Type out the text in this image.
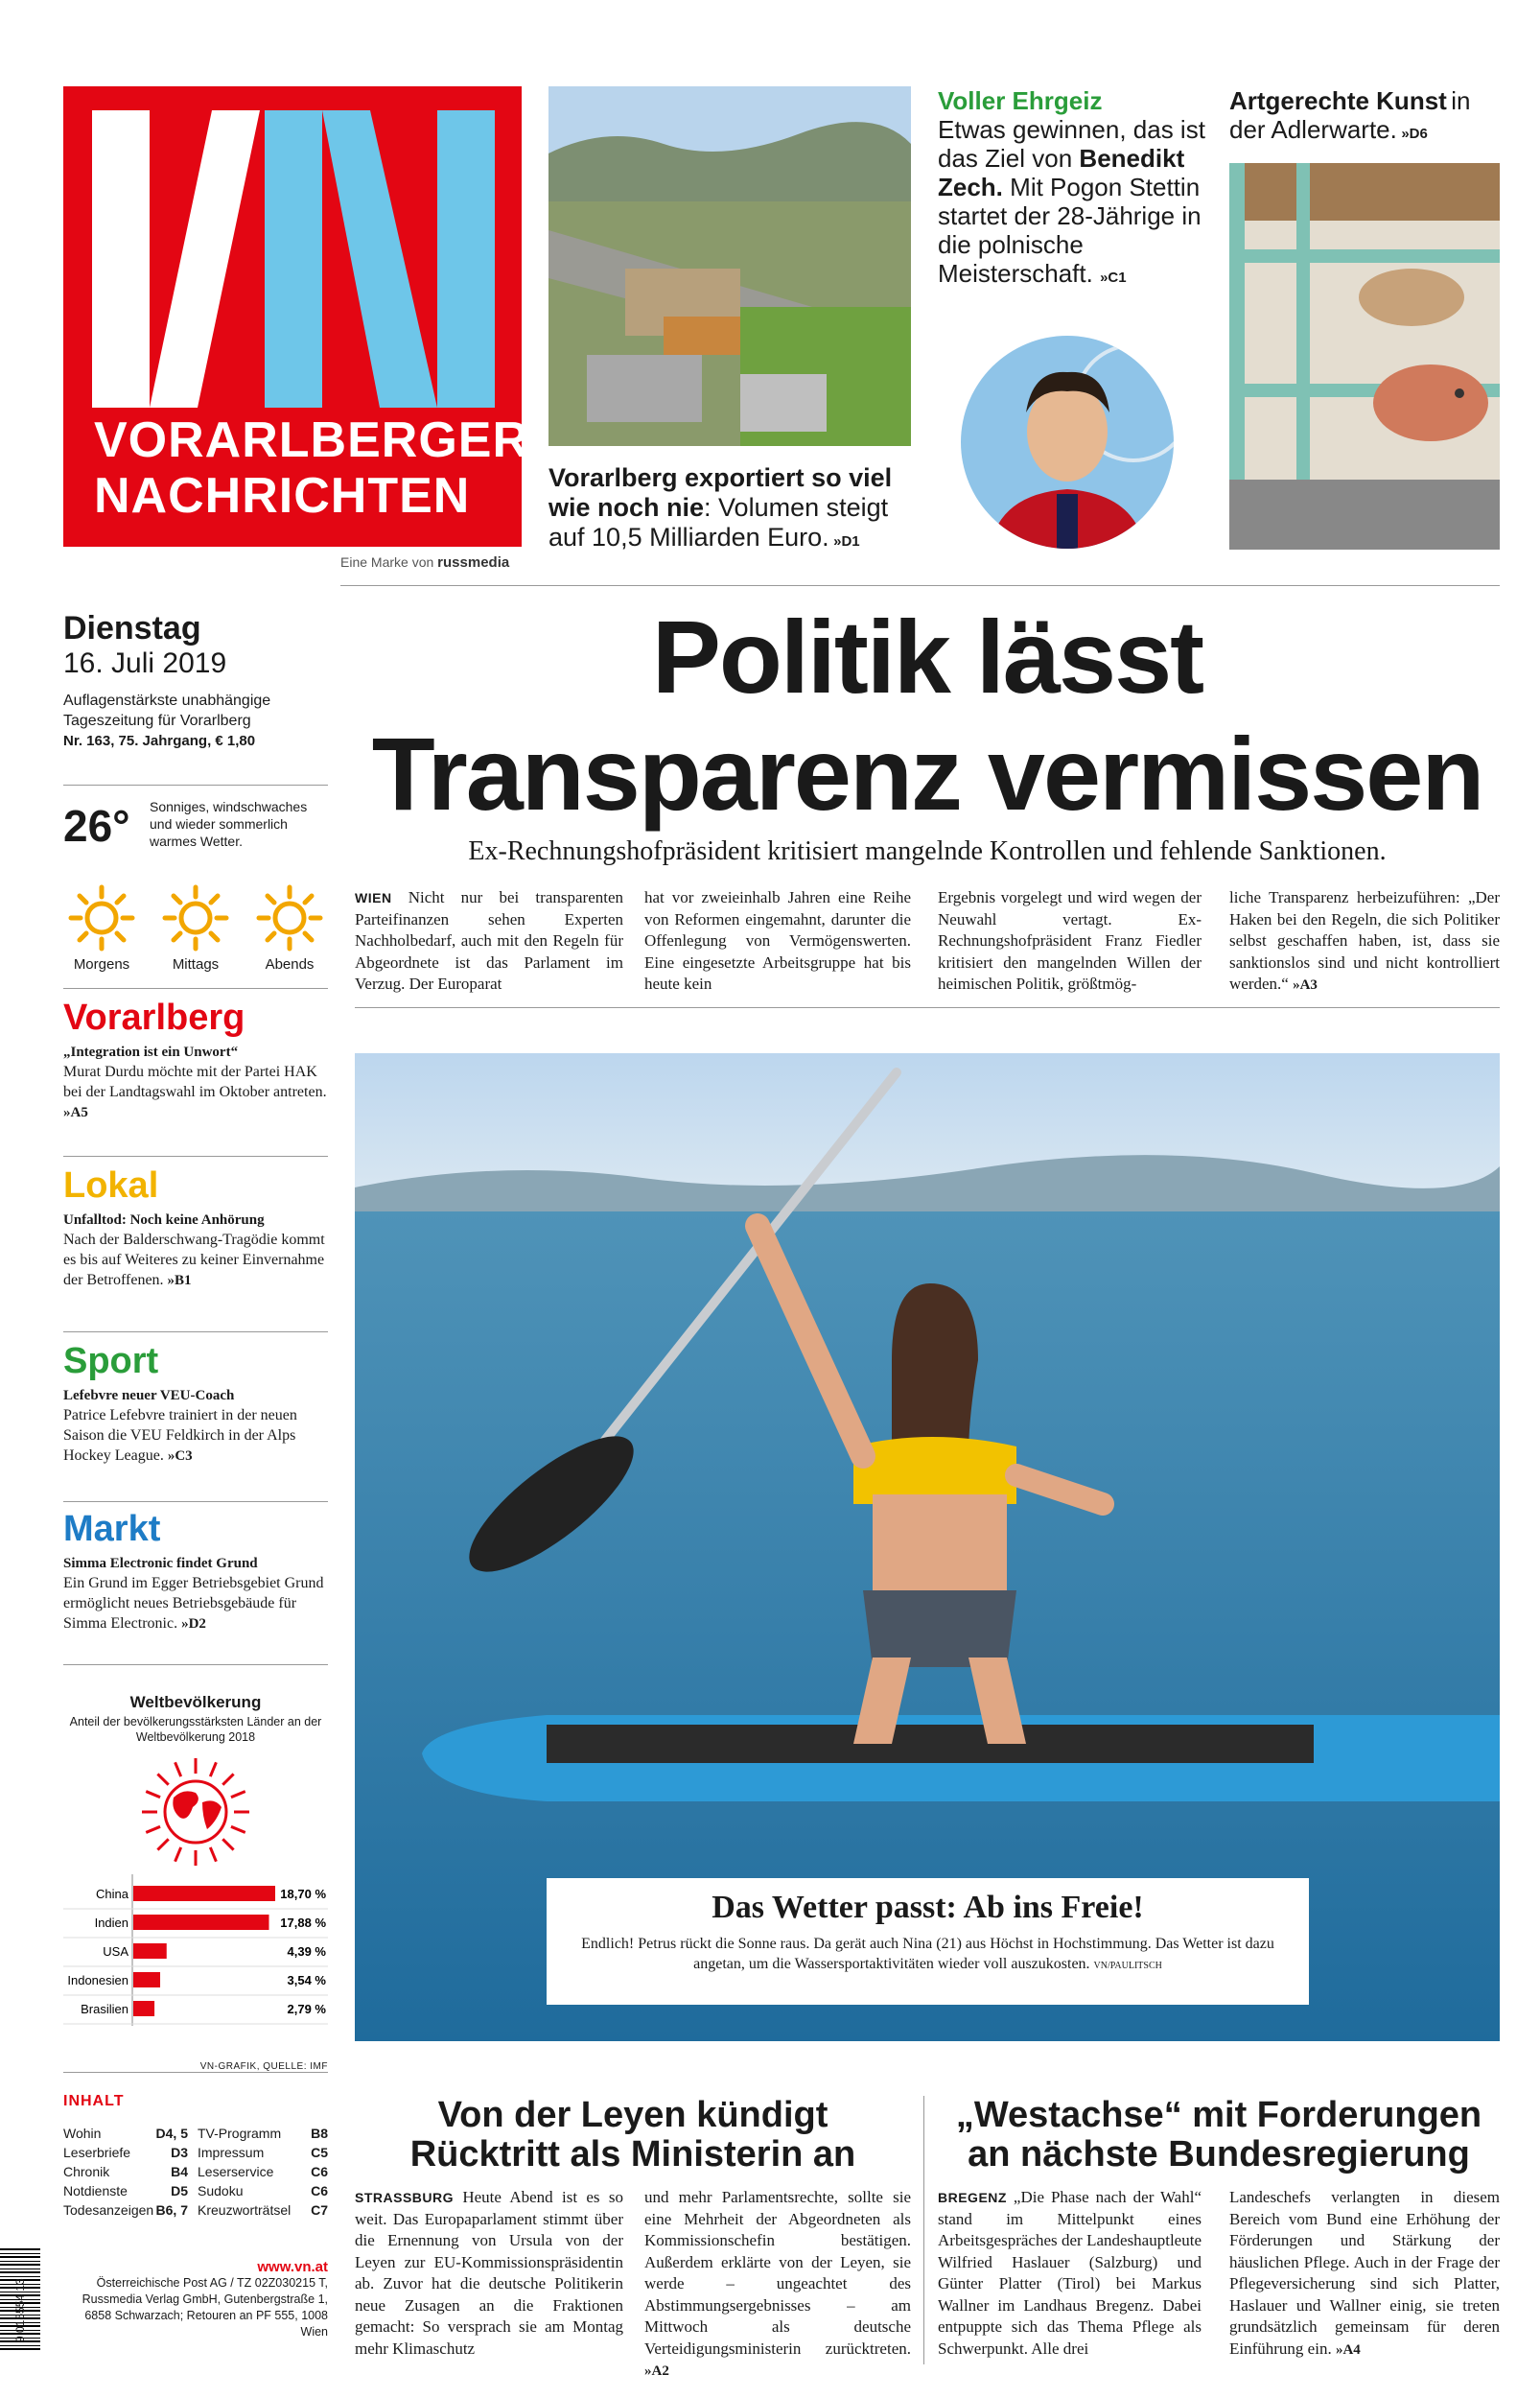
VORARLBERGER
NACHRICHTEN
Eine Marke von russmedia
Vorarlberg exportiert so viel wie noch nie: Volumen steigt auf 10,5 Milliarden Euro. »D1
Voller Ehrgeiz
Etwas gewinnen, das ist das Ziel von Benedikt Zech. Mit Pogon Stettin startet der 28-Jährige in die polnische Meisterschaft. »C1
Artgerechte Kunst in der Adlerwarte. »D6
Dienstag
16. Juli 2019
Auflagenstärkste unabhängige
Tageszeitung für Vorarlberg
Nr. 163, 75. Jahrgang, € 1,80
26° Sonniges, windschwaches und wieder sommerlich warmes Wetter.
Morgens	Mittags	Abends
Vorarlberg
„Integration ist ein Unwort“
Murat Durdu möchte mit der Partei HAK bei der Landtagswahl im Oktober antreten. »A5
Lokal
Unfalltod: Noch keine Anhörung
Nach der Balderschwang-Tragödie kommt es bis auf Weiteres zu keiner Einvernahme der Betroffenen. »B1
Sport
Lefebvre neuer VEU-Coach
Patrice Lefebvre trainiert in der neuen Saison die VEU Feldkirch in der Alps Hockey League. »C3
Markt
Simma Electronic findet Grund
Ein Grund im Egger Betriebsgebiet Grund ermöglicht neues Betriebsgebäude für Simma Electronic. »D2
Weltbevölkerung
Anteil der bevölkerungsstärksten Länder an der Weltbevölkerung 2018

China	18,70 %
Indien	17,88 %
USA	4,39 %
Indonesien	3,54 %
Brasilien	2,79 %
VN-GRAFIK, QUELLE: IMF
INHALT
Wohin	D4, 5
Leserbriefe	D3
Chronik	B4
Notdienste	D5
Todesanzeigen B6, 7
TV-Programm B8
Impressum	C5
Leserservice	C6
Sudoku	C6
Kreuzworträtsel C7
9 015554 13
www.vn.at
Österreichische Post AG / TZ 02Z030215 T,
Russmedia Verlag GmbH, Gutenbergstraße 1,
6858 Schwarzach; Retouren an PF 555, 1008 Wien
Politik lässt
Transparenz vermissen
Ex-Rechnungshofpräsident kritisiert mangelnde Kontrollen und fehlende Sanktionen.
WIEN Nicht nur bei transparenten Parteifinanzen sehen Experten Nachholbedarf, auch mit den Regeln für Abgeordnete ist das Parlament im Verzug. Der Europarat
hat vor zweieinhalb Jahren eine Reihe von Reformen eingemahnt, darunter die Offenlegung von Vermögenswerten. Eine eingesetzte Arbeitsgruppe hat bis heute kein
Ergebnis vorgelegt und wird wegen der Neuwahl vertagt. Ex-Rechnungshofpräsident Franz Fiedler kritisiert den mangelnden Willen der heimischen Politik, größtmög-
liche Transparenz herbeizuführen: „Der Haken bei den Regeln, die sich Politiker selbst geschaffen haben, ist, dass sie sanktionslos sind und nicht kontrolliert werden.“ »A3
Das Wetter passt: Ab ins Freie!
Endlich! Petrus rückt die Sonne raus. Da gerät auch Nina (21) aus Höchst in Hochstimmung. Das Wetter ist dazu angetan, um die Wassersportaktivitäten wieder voll auszukosten. VN/PAULITSCH
Von der Leyen kündigt
Rücktritt als Ministerin an
STRASSBURG Heute Abend ist es so weit. Das Europaparlament stimmt über die Ernennung von Ursula von der Leyen zur EU-Kommissionspräsidentin ab. Zuvor hat die deutsche Politikerin neue Zusagen an die Fraktionen gemacht: So versprach sie am Montag mehr Klimaschutz
und mehr Parlamentsrechte, sollte sie eine Mehrheit der Abgeordneten als Kommissionschefin bestätigen. Außerdem erklärte von der Leyen, sie werde – ungeachtet des Abstimmungsergebnisses – am Mittwoch als deutsche Verteidigungsministerin zurücktreten. »A2
„Westachse“ mit Forderungen
an nächste Bundesregierung
BREGENZ „Die Phase nach der Wahl“ stand im Mittelpunkt eines Arbeitsgespräches der Landeshauptleute Wilfried Haslauer (Salzburg) und Günter Platter (Tirol) bei Markus Wallner im Landhaus Bregenz. Dabei entpuppte sich das Thema Pflege als Schwerpunkt. Alle drei
Landeschefs verlangten in diesem Bereich vom Bund eine Erhöhung der Förderungen und Stärkung der häuslichen Pflege. Auch in der Frage der Pflegeversicherung sind sich Platter, Haslauer und Wallner einig, sie treten grundsätzlich gemeinsam für deren Einführung ein. »A4
